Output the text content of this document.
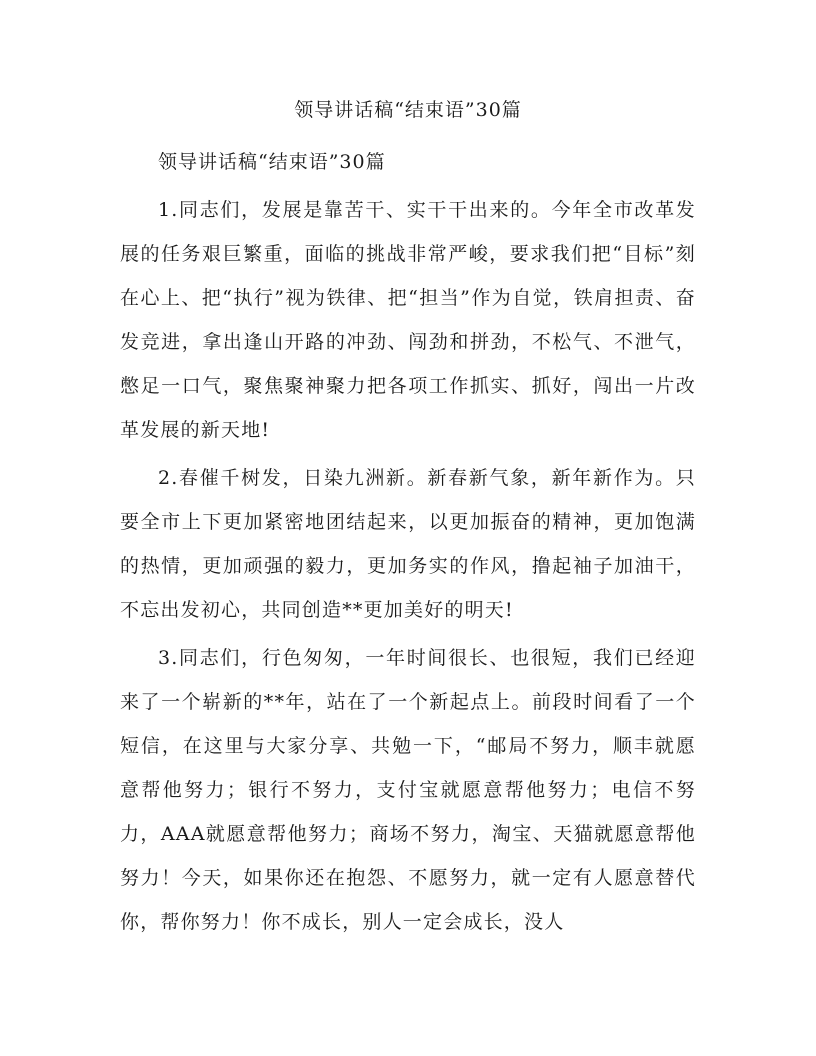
领导讲话稿“结束语”30篇

领导讲话稿“结束语”30篇

1.同志们，发展是靠苦干、实干干出来的。今年全市改革发展的任务艰巨繁重，面临的挑战非常严峻，要求我们把“目标”刻在心上、把“执行”视为铁律、把“担当”作为自觉，铁肩担责、奋发竞进，拿出逢山开路的冲劲、闯劲和拼劲，不松气、不泄气，憋足一口气，聚焦聚神聚力把各项工作抓实、抓好，闯出一片改革发展的新天地!

2.春催千树发，日染九洲新。新春新气象，新年新作为。只要全市上下更加紧密地团结起来，以更加振奋的精神，更加饱满的热情，更加顽强的毅力，更加务实的作风，撸起袖子加油干，不忘出发初心，共同创造**更加美好的明天!

3.同志们，行色匆匆，一年时间很长、也很短，我们已经迎来了一个崭新的**年，站在了一个新起点上。前段时间看了一个短信，在这里与大家分享、共勉一下，“邮局不努力，顺丰就愿意帮他努力；银行不努力，支付宝就愿意帮他努力；电信不努力，AAA就愿意帮他努力；商场不努力，淘宝、天猫就愿意帮他努力！今天，如果你还在抱怨、不愿努力，就一定有人愿意替代你，帮你努力！你不成长，别人一定会成长，没人
